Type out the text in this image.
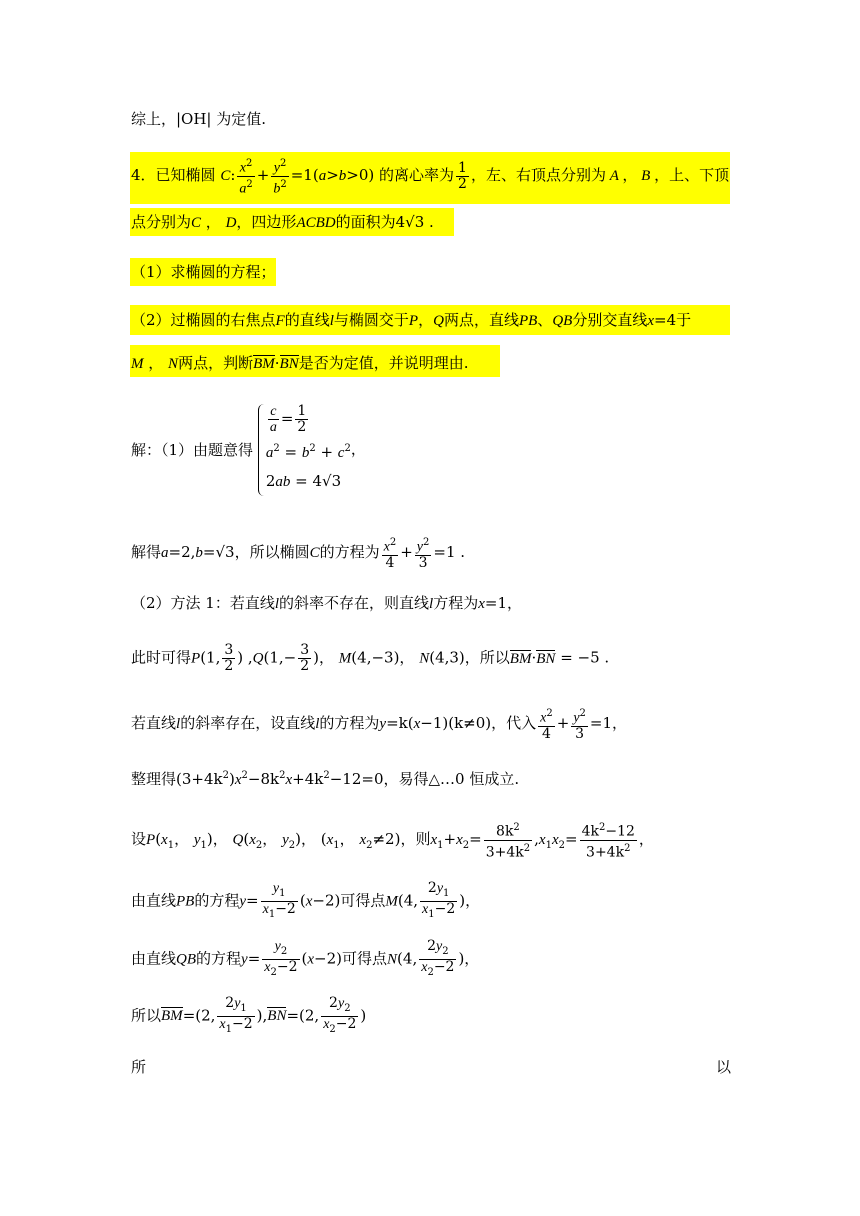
综上，|OH| 为定值.
4．已知椭圆 C: $\frac{x^2}{a^2} + \frac{y^2}{b^2} =1(a>b>0)$ 的离心率为 $\frac{1}{2}$ ，左、右顶点分别为 A ， B ，上、下顶
点分别为C ， D，四边形ACBD的面积为4√3 .
（1）求椭圆的方程；
（2）过椭圆的右焦点F的直线l与椭圆交于P，Q两点，直线PB、QB分别交直线x=4于
M ， N两点，判断BM·BN是否为定值，并说明理由.
解：（1）由题意得
$\frac{c}{a} = \frac{1}{2}$
$a^2 = b^2 + c^2$
2ab = 4√3
，
解得a=2,b=√3，所以椭圆C的方程为 $\frac{x^2}{4} + \frac{y^2}{3} =1$ .
（2）方法 1：若直线l的斜率不存在，则直线l方程为x=1，
此时可得P(1, $\frac{3}{2}$ ) $,Q(1,- \frac{3}{2}$ )， M(4,−3)， N(4,3)，所以BM·BN = −5 .
若直线l的斜率存在，设直线l的方程为y=k(x−1)(k≠0)，代入 $\frac{x^2}{4} + \frac{y^2}{3} =1$，
整理得$(3+4k^2)x^2-8k^2x+4k^2-12=0$，易得△…0 恒成立.
设$P(x_1$， $y_1$)， $Q(x_2$， $y_2$)， ($x_1$， $x_2\ne 2$)，则$x_1+x_2= \frac{8k^2}{3+4k^2} ,x_1x_2= \frac{4k^2-12}{3+4k^2}$ ，
由直线PB的方程$y= \frac{y_1}{x_1-2} (x-2)$可得点M(4, $\frac{2y_1}{x_1-2}$ )，
由直线QB的方程$y= \frac{y_2}{x_2-2} (x-2)$可得点N(4, $\frac{2y_2}{x_2-2}$ )，
所以BM=(2, $\frac{2y_1}{x_1-2} ),BN=(2$, $\frac{2y_2}{x_2-2}$ )
所	以
